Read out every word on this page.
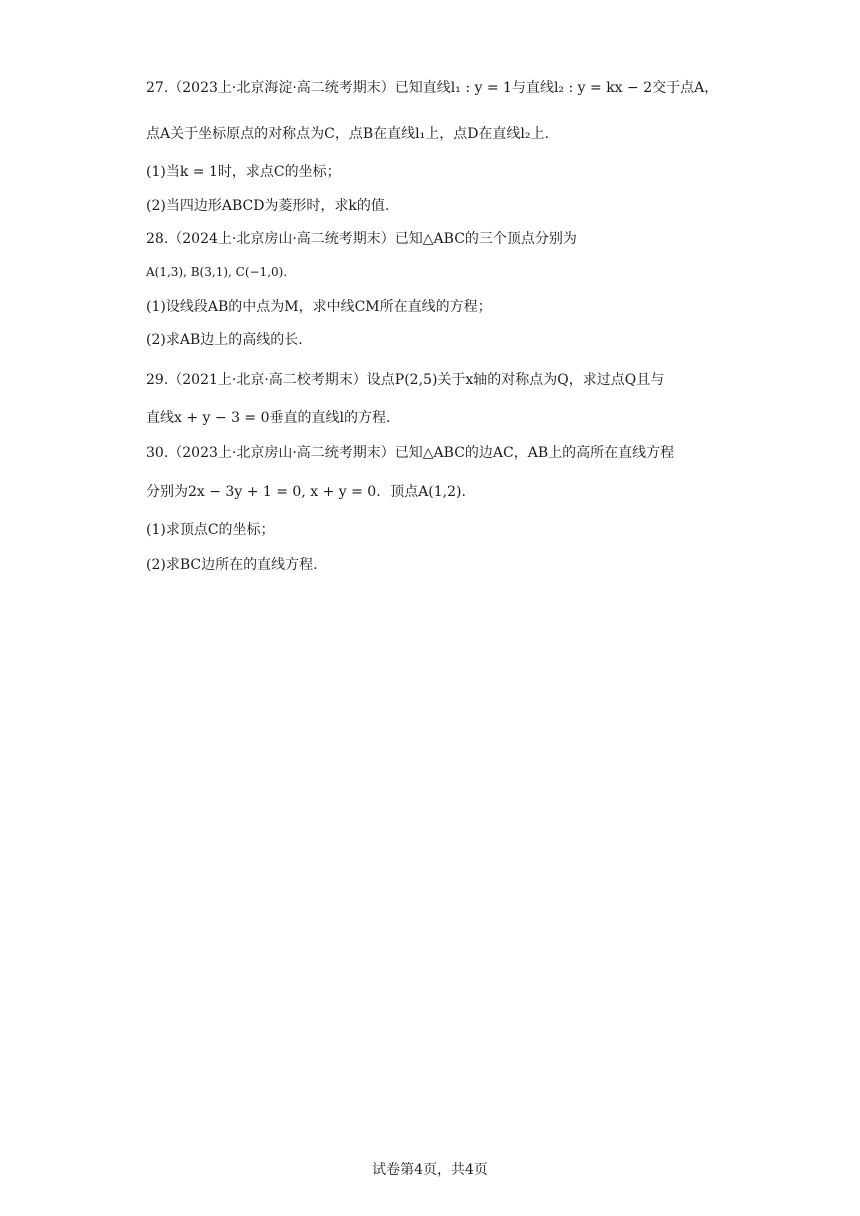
27.（2023上·北京海淀·高二统考期末）已知直线l₁ : y = 1与直线l₂ : y = kx − 2交于点A，
点A关于坐标原点的对称点为C，点B在直线l₁上，点D在直线l₂上.
(1)当k = 1时，求点C的坐标；
(2)当四边形ABCD为菱形时，求k的值.
28.（2024上·北京房山·高二统考期末）已知△ABC的三个顶点分别为
A(1,3), B(3,1), C(−1,0).
(1)设线段AB的中点为M，求中线CM所在直线的方程；
(2)求AB边上的高线的长.
29.（2021上·北京·高二校考期末）设点P(2,5)关于x轴的对称点为Q，求过点Q且与
直线x + y − 3 = 0垂直的直线l的方程.
30.（2023上·北京房山·高二统考期末）已知△ABC的边AC，AB上的高所在直线方程
分别为2x − 3y + 1 = 0, x + y = 0．顶点A(1,2).
(1)求顶点C的坐标；
(2)求BC边所在的直线方程.
试卷第4页，共4页
